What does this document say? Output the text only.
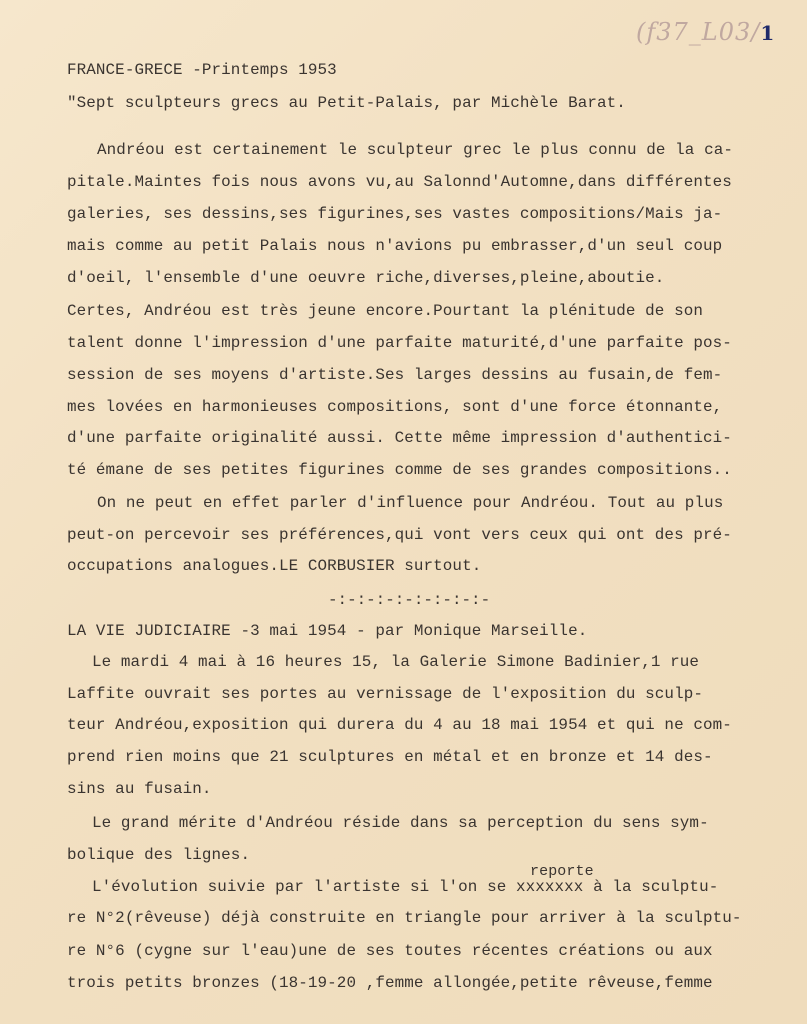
(f37_L03/1
FRANCE-GRECE -Printemps 1953
"Sept sculpteurs grecs au Petit-Palais, par Michèle Barat.
Andréou est certainement le sculpteur grec le plus connu de la ca-
pitale.Maintes fois nous avons vu,au Salonnd'Automne,dans différentes
galeries, ses dessins,ses figurines,ses vastes compositions/Mais ja-
mais comme au petit Palais nous n'avions pu embrasser,d'un seul coup
d'oeil, l'ensemble d'une oeuvre riche,diverses,pleine,aboutie.
Certes, Andréou est très jeune encore.Pourtant la plénitude de son
talent donne l'impression d'une parfaite maturité,d'une parfaite pos-
session de ses moyens d'artiste.Ses larges dessins au fusain,de fem-
mes lovées en harmonieuses compositions, sont d'une force étonnante,
d'une parfaite originalité aussi. Cette même impression d'authentici-
té émane de ses petites figurines comme de ses grandes compositions..
On ne peut en effet parler d'influence pour Andréou. Tout au plus
peut-on percevoir ses préférences,qui vont vers ceux qui ont des pré-
occupations analogues.LE CORBUSIER surtout.
-:-:-:-:-:-:-:-:-
LA VIE JUDICIAIRE -3 mai 1954 - par Monique Marseille.
reporte
Le mardi 4 mai à 16 heures 15, la Galerie Simone Badinier,1 rue
Laffite ouvrait ses portes au vernissage de l'exposition du sculp-
teur Andréou,exposition qui durera du 4 au 18 mai 1954 et qui ne com-
prend rien moins que 21 sculptures en métal et en bronze et 14 des-
sins au fusain.
Le grand mérite d'Andréou réside dans sa perception du sens sym-
bolique des lignes.
L'évolution suivie par l'artiste si l'on se xxxxxxx à la sculptu-
re N°2(rêveuse) déjà construite en triangle pour arriver à la sculptu-
re N°6 (cygne sur l'eau)une de ses toutes récentes créations ou aux
trois petits bronzes (18-19-20 ,femme allongée,petite rêveuse,femme
